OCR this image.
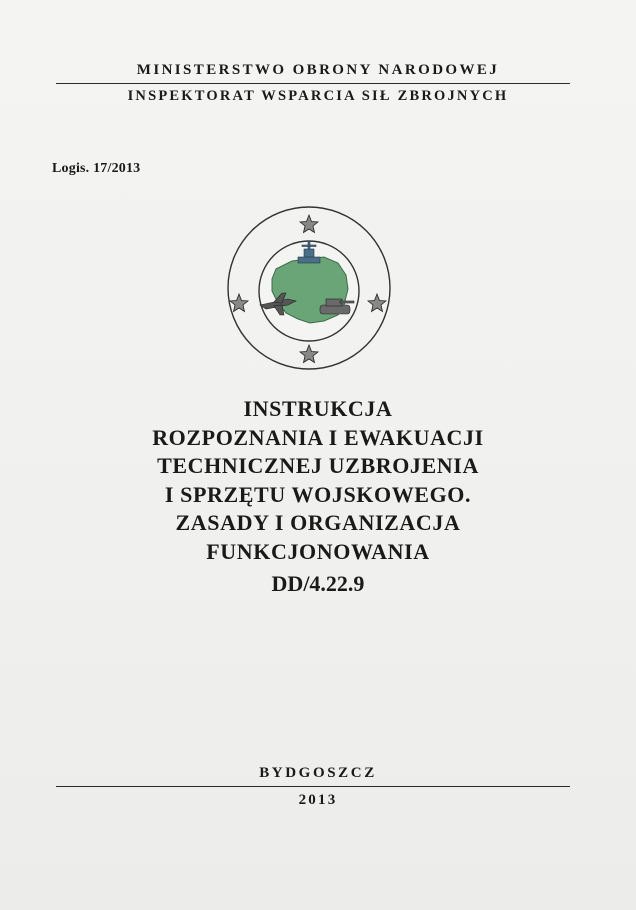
MINISTERSTWO OBRONY NARODOWEJ
INSPEKTORAT WSPARCIA SIŁ ZBROJNYCH
Logis. 17/2013
INSTRUKCJA
ROZPOZNANIA I EWAKUACJI
TECHNICZNEJ UZBROJENIA
I SPRZĘTU WOJSKOWEGO.
ZASADY I ORGANIZACJA
FUNKCJONOWANIA
DD/4.22.9
BYDGOSZCZ
2013
